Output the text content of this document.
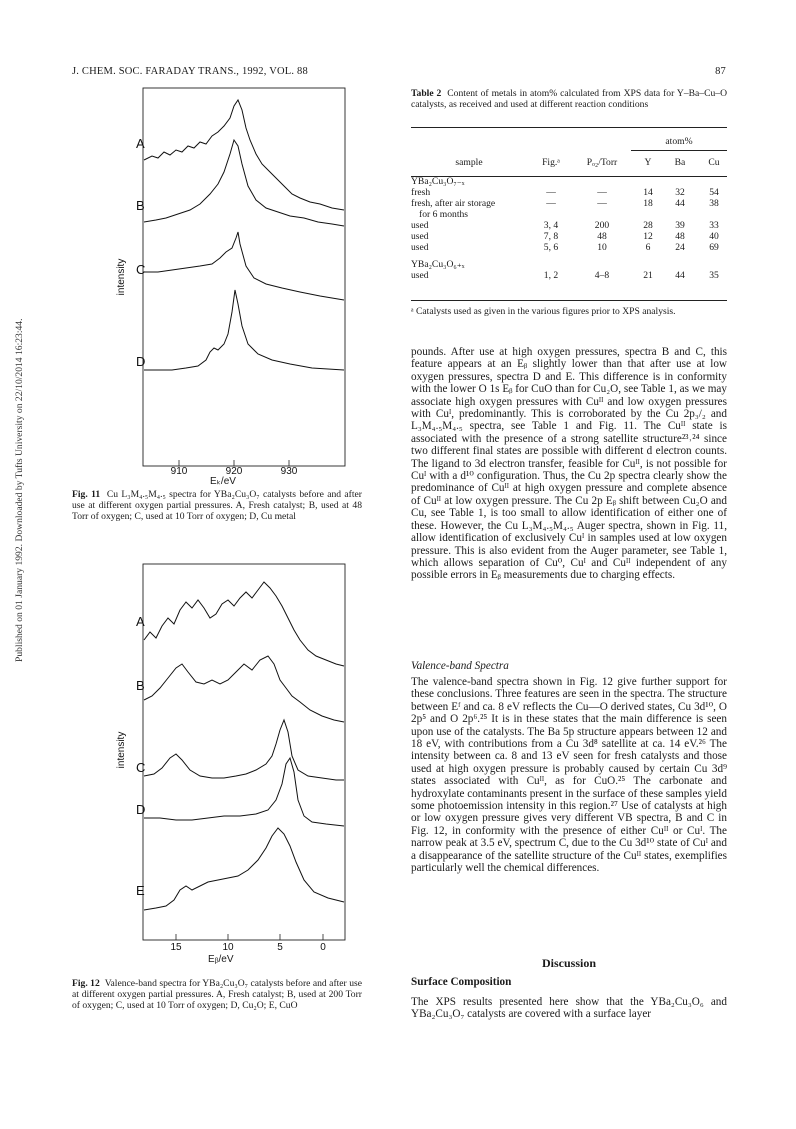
Published on 01 January 1992. Downloaded by Tufts University on 22/10/2014 16:23:44.
J. CHEM. SOC. FARADAY TRANS., 1992, VOL. 88	87
A
B
C
D
intensity
910	920	930
Eₖ/eV
Fig. 11 Cu L₃M₄.₅M₄.₅ spectra for YBa₂Cu₃O₇ catalysts before and after use at different oxygen partial pressures. A, Fresh catalyst; B, used at 48 Torr of oxygen; C, used at 10 Torr of oxygen; D, Cu metal
A
B
C
D
E
intensity
15	10	5	0
Eᵦ/eV
Fig. 12 Valence-band spectra for YBa₂Cu₃O₇ catalysts before and after use at different oxygen partial pressures. A, Fresh catalyst; B, used at 200 Torr of oxygen; C, used at 10 Torr of oxygen; D, Cu₂O; E, CuO
Table 2 Content of metals in atom% calculated from XPS data for Y–Ba–Cu–O catalysts, as received and used at different reaction conditions
atom%
sample	Fig.ᵃ	Pₒ₂/Torr	Y	Ba	Cu

YBa₂Cu₃O₇₋ₓ					
fresh	—	—	14	32	54
fresh, after air storage	—	—	18	44	38
for 6 months					
used	3, 4	200	28	39	33
used	7, 8	48	12	48	40
used	5, 6	10	6	24	69

YBa₂Cu₃O₆₊ₓ					
used	1, 2	4–8	21	44	35
ᵃ Catalysts used as given in the various figures prior to XPS analysis.
pounds. After use at high oxygen pressures, spectra B and C, this feature appears at an Eᵦ slightly lower than that after use at low oxygen pressures, spectra D and E. This difference is in conformity with the lower O 1s Eᵦ for CuO than for Cu₂O, see Table 1, as we may associate high oxygen pressures with Cuᴵᴵ and low oxygen pressures with Cuᴵ, predominantly. This is corroborated by the Cu 2p₃/₂ and L₃M₄.₅M₄.₅ spectra, see Table 1 and Fig. 11. The Cuᴵᴵ state is associated with the presence of a strong satellite structure²³˒²⁴ since two different final states are possible with different d electron counts. The ligand to 3d electron transfer, feasible for Cuᴵᴵ, is not possible for Cuᴵ with a d¹⁰ configuration. Thus, the Cu 2p spectra clearly show the predominance of Cuᴵᴵ at high oxygen pressure and complete absence of Cuᴵᴵ at low oxygen pressure. The Cu 2p Eᵦ shift between Cu₂O and Cu, see Table 1, is too small to allow identification of either one of these. However, the Cu L₃M₄.₅M₄.₅ Auger spectra, shown in Fig. 11, allow identification of exclusively Cuᴵ in samples used at low oxygen pressure. This is also evident from the Auger parameter, see Table 1, which allows separation of Cu⁰, Cuᴵ and Cuᴵᴵ independent of any possible errors in Eᵦ measurements due to charging effects.
Valence-band Spectra
The valence-band spectra shown in Fig. 12 give further support for these conclusions. Three features are seen in the spectra. The structure between Eᶠ and ca. 8 eV reflects the Cu—O derived states, Cu 3d¹⁰, O 2p⁵ and O 2p⁶.²⁵ It is in these states that the main difference is seen upon use of the catalysts. The Ba 5p structure appears between 12 and 18 eV, with contributions from a Cu 3d⁸ satellite at ca. 14 eV.²⁶ The intensity between ca. 8 and 13 eV seen for fresh catalysts and those used at high oxygen pressure is probably caused by certain Cu 3d⁹ states associated with Cuᴵᴵ, as for CuO.²⁵ The carbonate and hydroxylate contaminants present in the surface of these samples yield some photoemission intensity in this region.²⁷ Use of catalysts at high or low oxygen pressure gives very different VB spectra, B and C in Fig. 12, in conformity with the presence of either Cuᴵᴵ or Cuᴵ. The narrow peak at 3.5 eV, spectrum C, due to the Cu 3d¹⁰ state of Cuᴵ and a disappearance of the satellite structure of the Cuᴵᴵ states, exemplifies particularly well the chemical differences.
Discussion
Surface Composition
The XPS results presented here show that the YBa₂Cu₃O₆ and YBa₂Cu₃O₇ catalysts are covered with a surface layer
